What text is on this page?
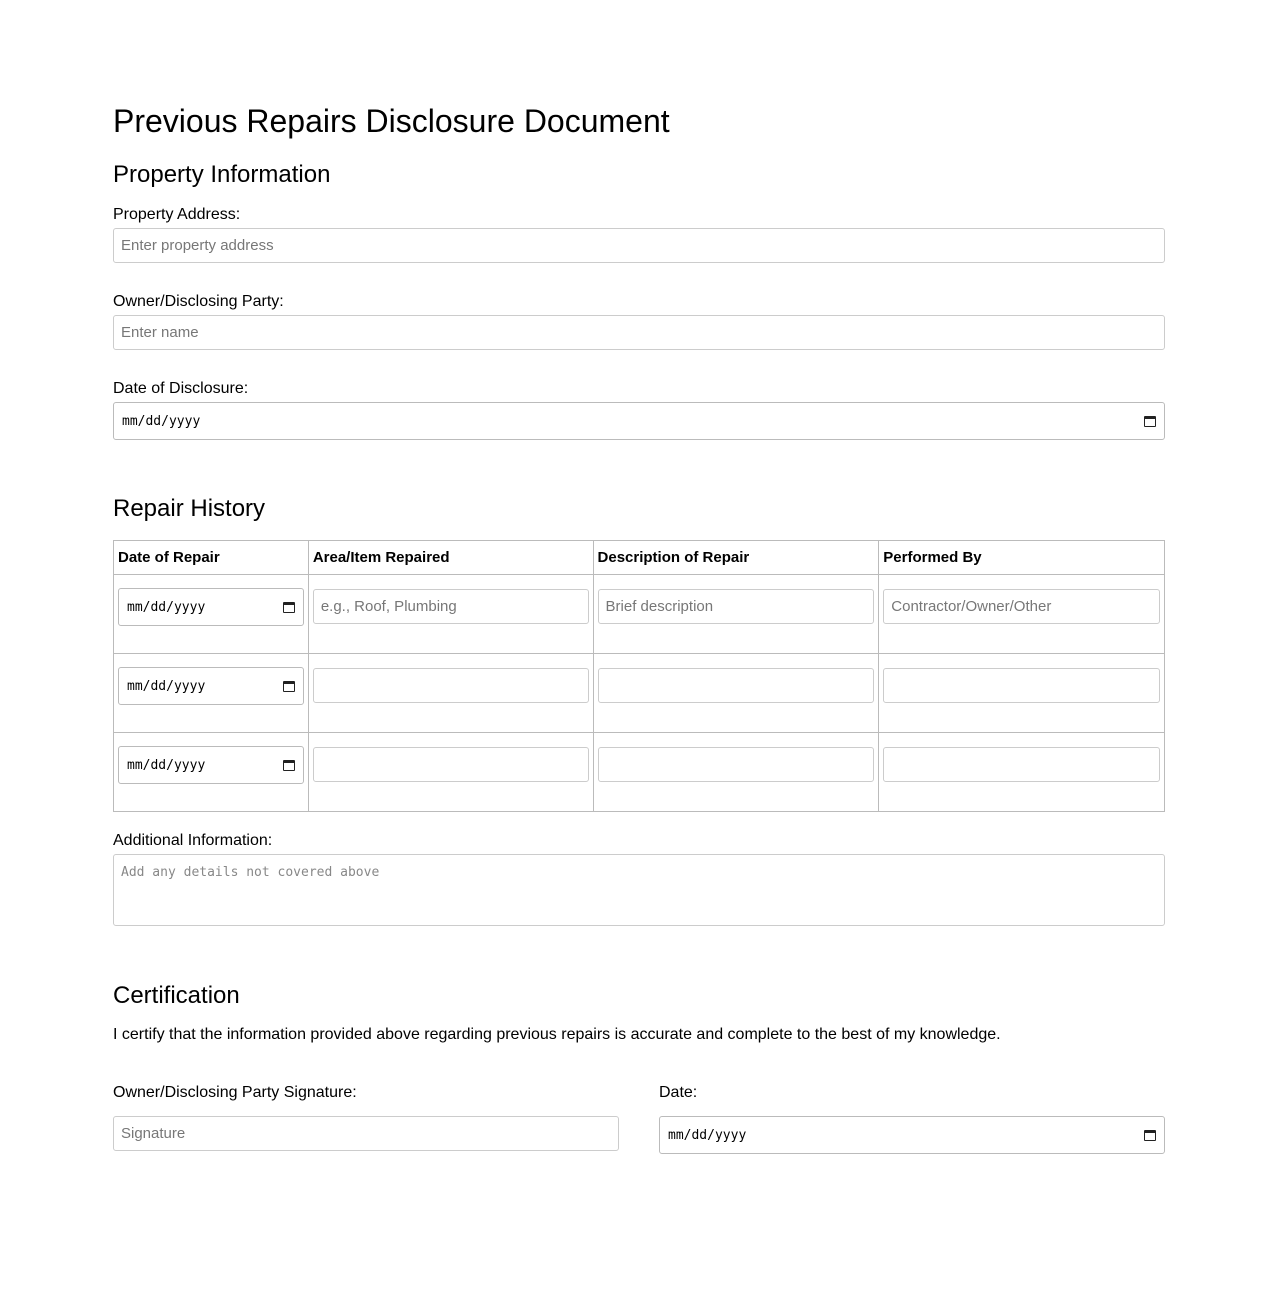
Previous Repairs Disclosure Document
Property Information
Property Address:
Enter property address
Owner/Disclosing Party:
Enter name
Date of Disclosure:
mm/dd/yyyy
Repair History
Date of Repair	Area/Item Repaired	Description of Repair	Performed By

mm/dd/yyyy	e.g., Roof, Plumbing	Brief description	Contractor/Owner/Other

mm/dd/yyyy			

mm/dd/yyyy			

Additional Information:
Add any details not covered above
Certification
I certify that the information provided above regarding previous repairs is accurate and complete to the best of my knowledge.
Owner/Disclosing Party Signature:
Signature
Date:
mm/dd/yyyy
